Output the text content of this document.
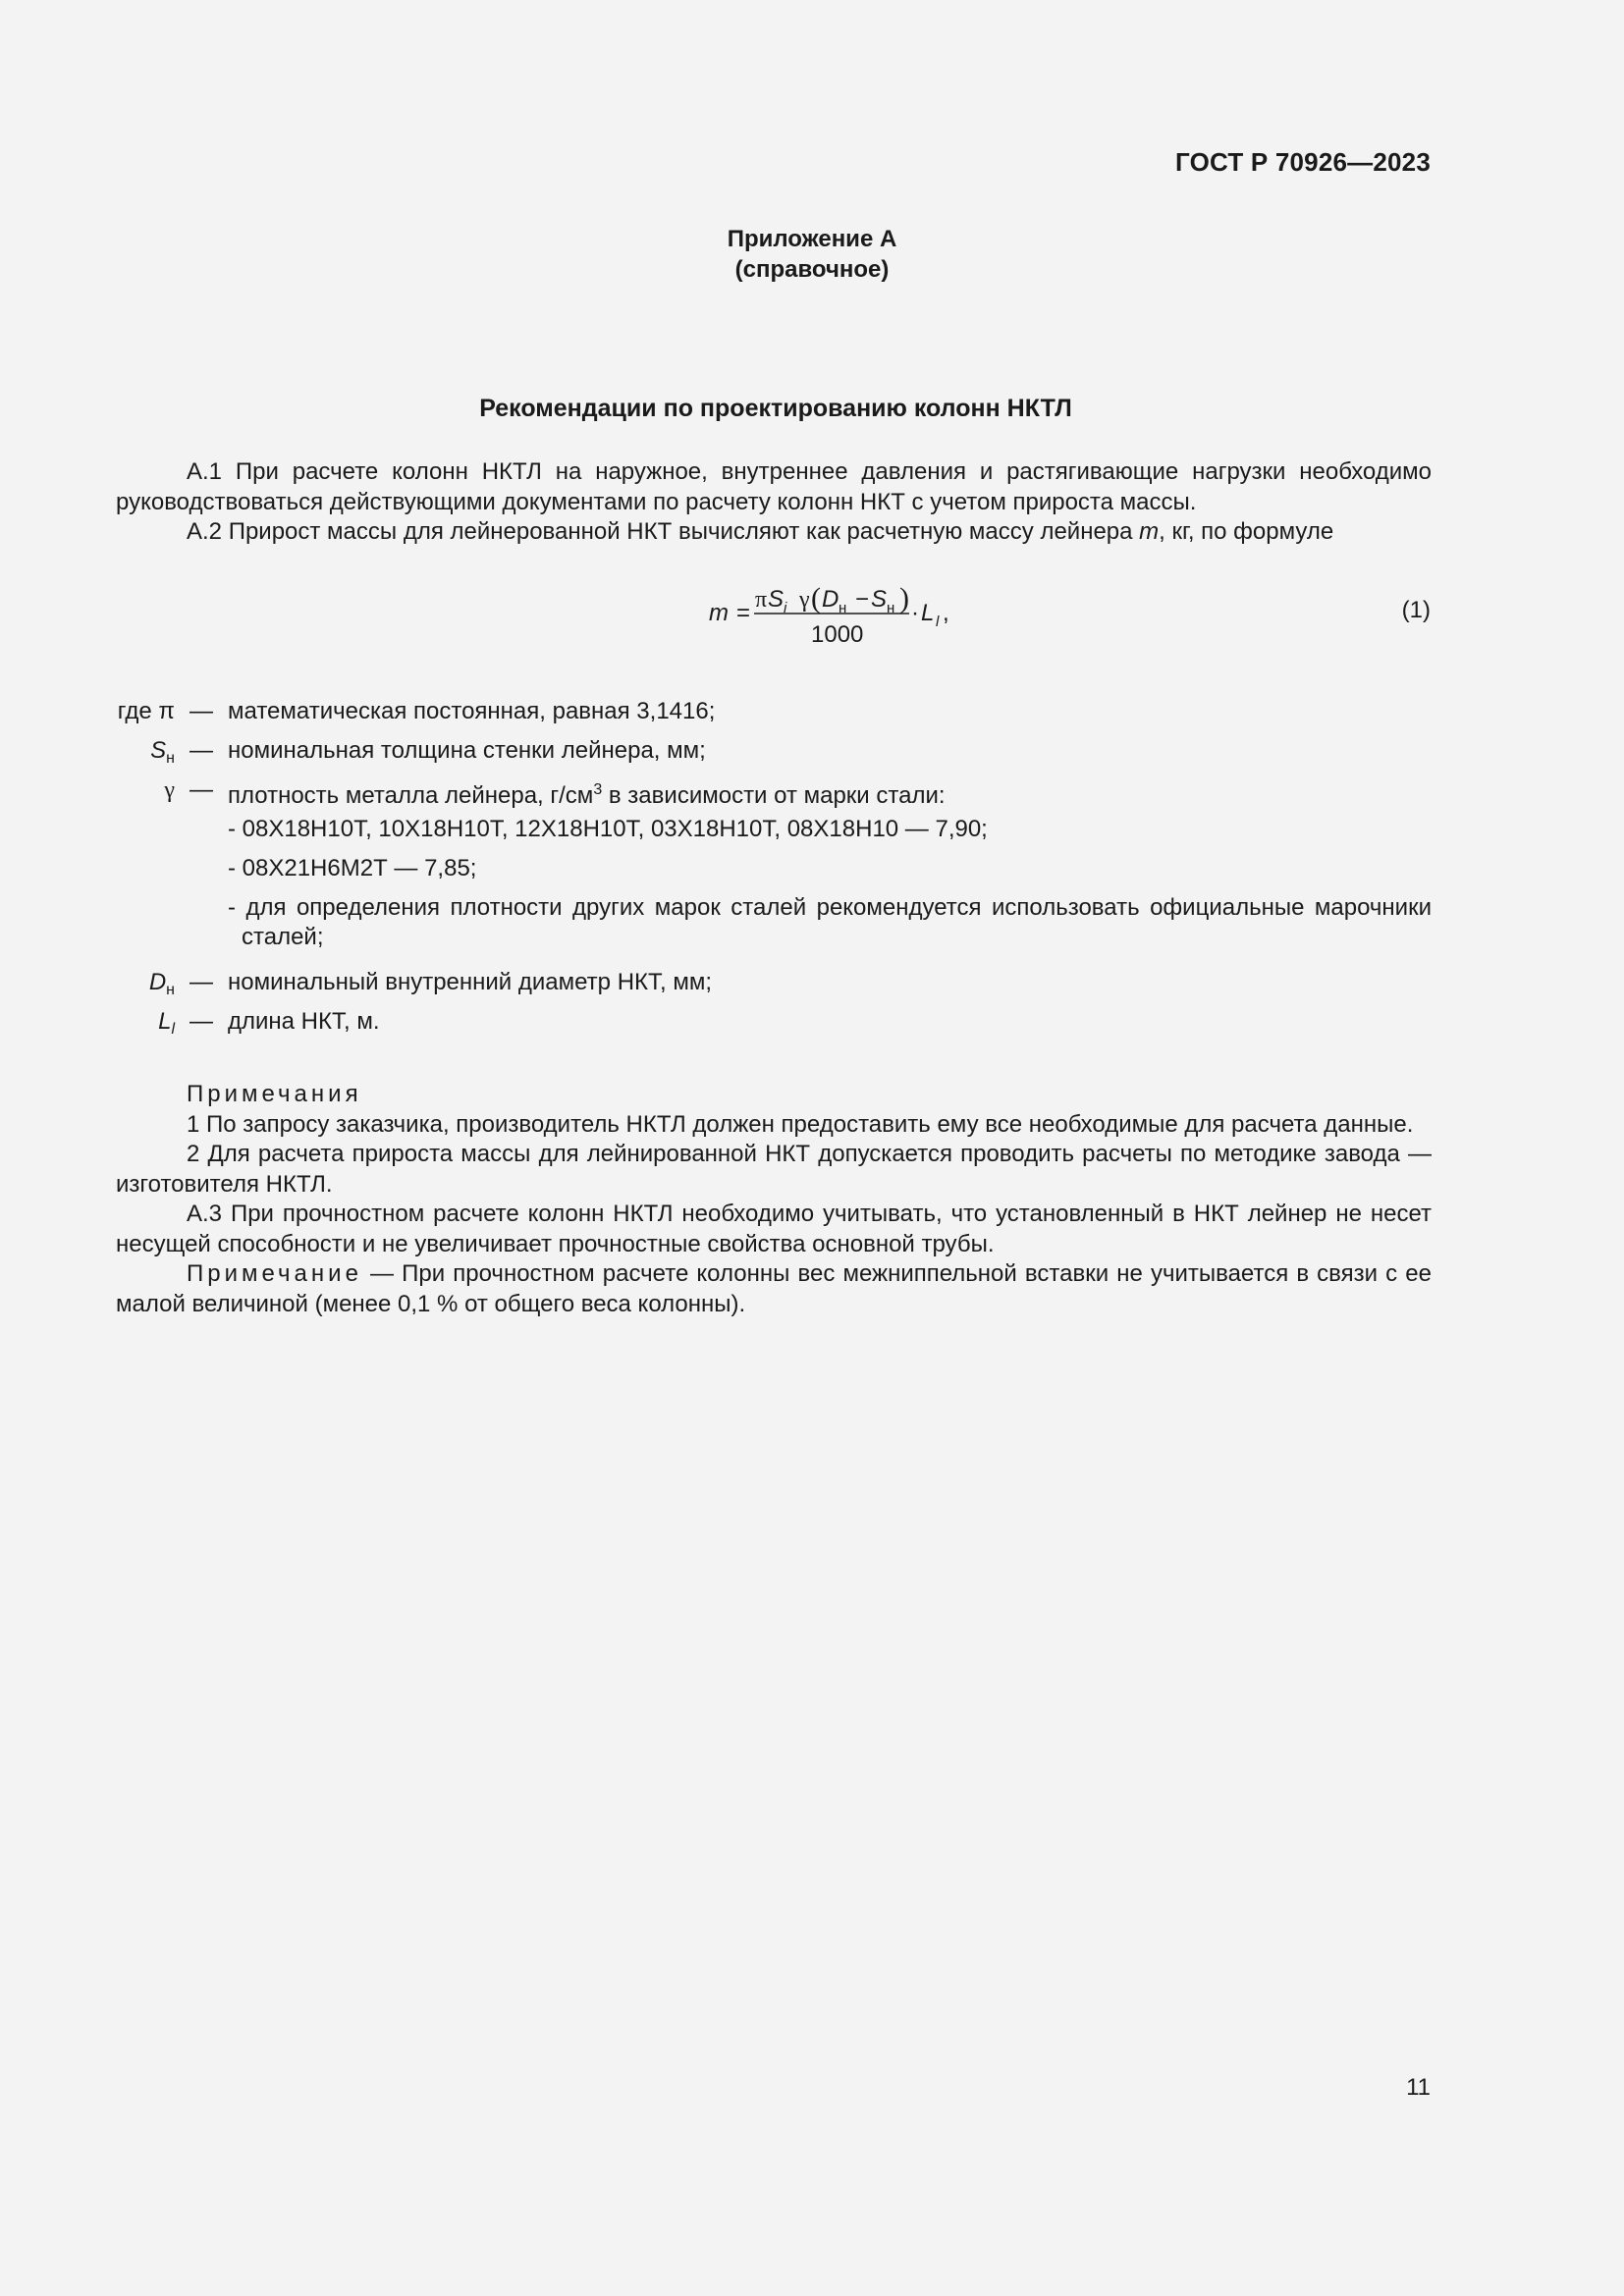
ГОСТ Р 70926—2023
Приложение А
(справочное)
Рекомендации по проектированию колонн НКТЛ

А.1 При расчете колонн НКТЛ на наружное, внутреннее давления и растягивающие нагрузки необходимо руководствоваться действующими документами по расчету колонн НКТ с учетом прироста массы.

А.2 Прирост массы для лейнерованной НКТ вычисляют как расчетную массу лейнера m, кг, по формуле

m = π S i γ ( D н − S н )
1000
· L l ,	(1)
где π — математическая постоянная, равная 3,1416;
$S_н$ — номинальная толщина стенки лейнера, мм;
γ — плотность металла лейнера, $г/см^3$ в зависимости от марки стали:
- 08Х18Н10Т, 10Х18Н10Т, 12Х18Н10Т, 03Х18Н10Т, 08Х18Н10 — 7,90;
- 08Х21Н6М2Т — 7,85;
- для определения плотности других марок сталей рекомендуется использовать официальные марочники сталей;
$D_н$ — номинальный внутренний диаметр НКТ, мм;
$L_l$ — длина НКТ, м.

Примечания

1 По запросу заказчика, производитель НКТЛ должен предоставить ему все необходимые для расчета данные.

2 Для расчета прироста массы для лейнированной НКТ допускается проводить расчеты по методике завода — изготовителя НКТЛ.

А.3 При прочностном расчете колонн НКТЛ необходимо учитывать, что установленный в НКТ лейнер не несет несущей способности и не увеличивает прочностные свойства основной трубы.

Примечание — При прочностном расчете колонны вес межниппельной вставки не учитывается в связи с ее малой величиной (менее 0,1 % от общего веса колонны).

11
